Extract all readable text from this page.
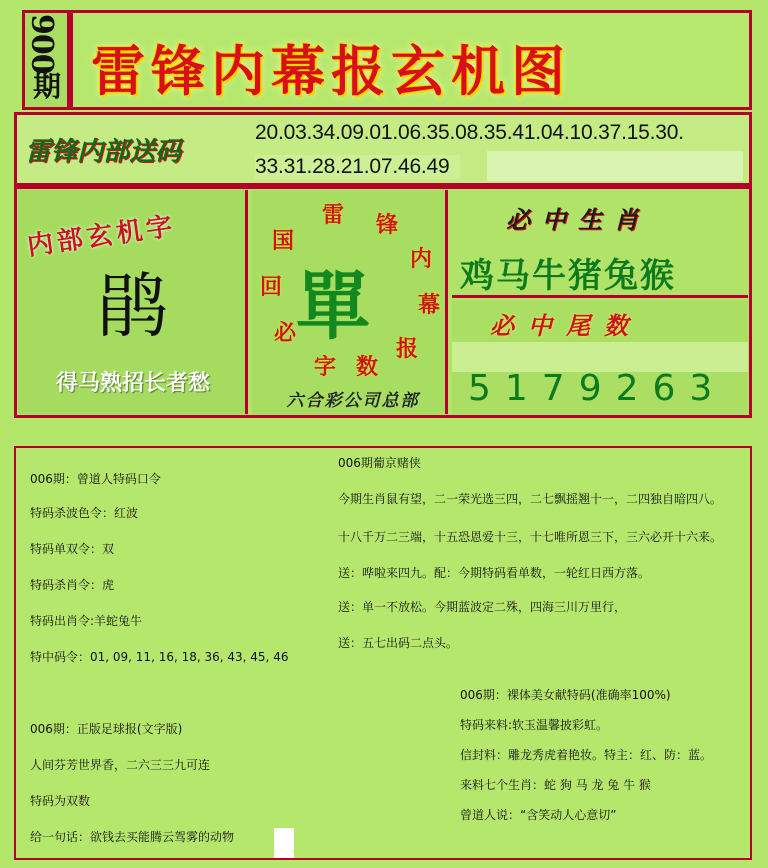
006
期 雷锋内幕报玄机图
雷锋内部送码
20.03.34.09.01.06.35.08.35.41.04.10.37.15.30.
33.31.28.21.07.46.49
内部玄机字
鹃
得马熟招长者愁
雷 锋
内
幕
报
数
字
必
回
国
單
六合彩公司总部
必中生肖
鸡马牛猪兔猴
必中尾数
5179263
006期：曾道人特码口令
特码杀波色令：红波
特码单双令：双
特码杀肖令：虎
特码出肖令:羊蛇兔牛
特中码令：01, 09, 11, 16, 18, 36, 43, 45, 46
006期：正版足球报(文字版)
人间芬芳世界香，二六三三九可连
特码为双数
给一句话：欲钱去买能腾云驾雾的动物
006期葡京赌侠
今期生肖鼠有望，二一荣光选三四，二七飘摇翘十一，二四独自暗四八。
十八千万二三端，十五恐恩爱十三，十七唯所恩三下，三六必开十六来。
送：哗啦来四九。配：今期特码看单数，一轮红日西方落。
送：单一不放松。今期蓝波定二殊，四海三川万里行，
送：五七出码二点头。
006期：裸体美女献特码(准确率100%)
特码来料:软玉温馨披彩虹。
信封料：雕龙秀虎着艳妆。特主：红、防：蓝。
来料七个生肖：蛇 狗 马 龙 兔 牛 猴
曾道人说：“含笑动人心意切”
